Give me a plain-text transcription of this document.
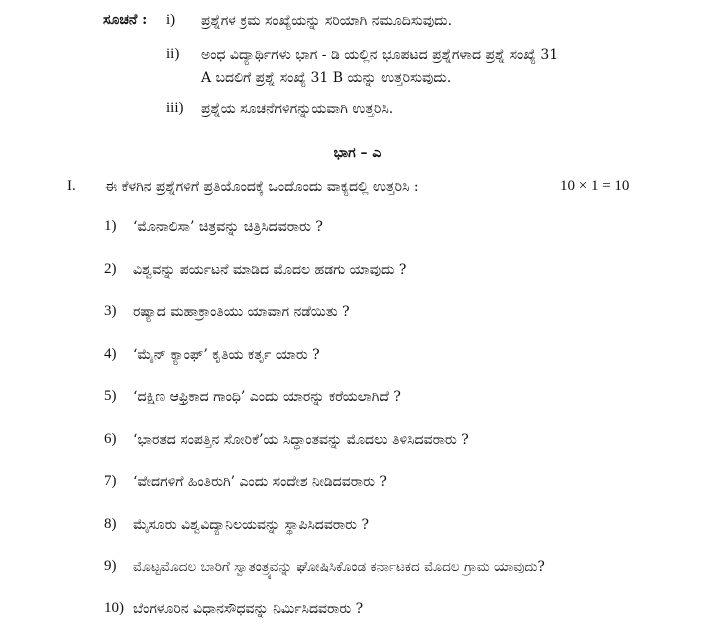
ಸೂಚನೆ : i) ಪ್ರಶ್ನೆಗಳ ಕ್ರಮ ಸಂಖ್ಯೆಯನ್ನು ಸರಿಯಾಗಿ ನಮೂದಿಸುವುದು.
ii) ಅಂಧ ವಿದ್ಯಾರ್ಥಿಗಳು ಭಾಗ - ಡಿ ಯಲ್ಲಿನ ಭೂಪಟದ ಪ್ರಶ್ನೆಗಳಾದ ಪ್ರಶ್ನೆ ಸಂಖ್ಯೆ 31
A ಬದಲಿಗೆ ಪ್ರಶ್ನೆ ಸಂಖ್ಯೆ 31 B ಯನ್ನು ಉತ್ತರಿಸುವುದು.
iii) ಪ್ರಶ್ನೆಯ ಸೂಚನೆಗಳಿಗನ್ನುಯವಾಗಿ ಉತ್ತರಿಸಿ.
ಭಾಗ – ಎ
I. ಈ ಕೆಳಗಿನ ಪ್ರಶ್ನೆಗಳಿಗೆ ಪ್ರತಿಯೊಂದಕ್ಕೆ ಒಂದೊಂದು ವಾಕ್ಯದಲ್ಲಿ ಉತ್ತರಿಸಿ :	10 × 1 = 10
1) ‘ಮೊನಾಲಿಸಾ’ ಚಿತ್ರವನ್ನು ಚಿತ್ರಿಸಿದವರಾರು ?
2) ವಿಶ್ವವನ್ನು ಪರ್ಯಟನೆ ಮಾಡಿದ ಮೊದಲ ಹಡಗು ಯಾವುದು ?
3) ರಷ್ಯಾದ ಮಹಾಕ್ರಾಂತಿಯು ಯಾವಾಗ ನಡೆಯಿತು ?
4) ‘ಮೈನ್ ಕ್ಯಾಂಫ್’ ಕೃತಿಯ ಕರ್ತೃ ಯಾರು ?
5) ‘ದಕ್ಷಿಣ ಆಫ್ರಿಕಾದ ಗಾಂಧಿ’ ಎಂದು ಯಾರನ್ನು ಕರೆಯಲಾಗಿದೆ ?
6) ‘ಭಾರತದ ಸಂಪತ್ತಿನ ಸೋರಿಕೆ’ಯ ಸಿದ್ಧಾಂತವನ್ನು ಮೊದಲು ತಿಳಿಸಿದವರಾರು ?
7) ‘ವೇದಗಳಿಗೆ ಹಿಂತಿರುಗಿ’ ಎಂದು ಸಂದೇಶ ನೀಡಿದವರಾರು ?
8) ಮೈಸೂರು ವಿಶ್ವವಿದ್ಯಾನಿಲಯವನ್ನು ಸ್ಥಾಪಿಸಿದವರಾರು ?
9) ಮೊಟ್ಟಮೊದಲ ಬಾರಿಗೆ ಸ್ವಾತಂತ್ರ್ಯವನ್ನು ಘೋಷಿಸಿಕೊಂಡ ಕರ್ನಾಟಕದ ಮೊದಲ ಗ್ರಾಮ ಯಾವುದು?
10) ಬೆಂಗಳೂರಿನ ವಿಧಾನಸೌಧವನ್ನು ನಿರ್ಮಿಸಿದವರಾರು ?
